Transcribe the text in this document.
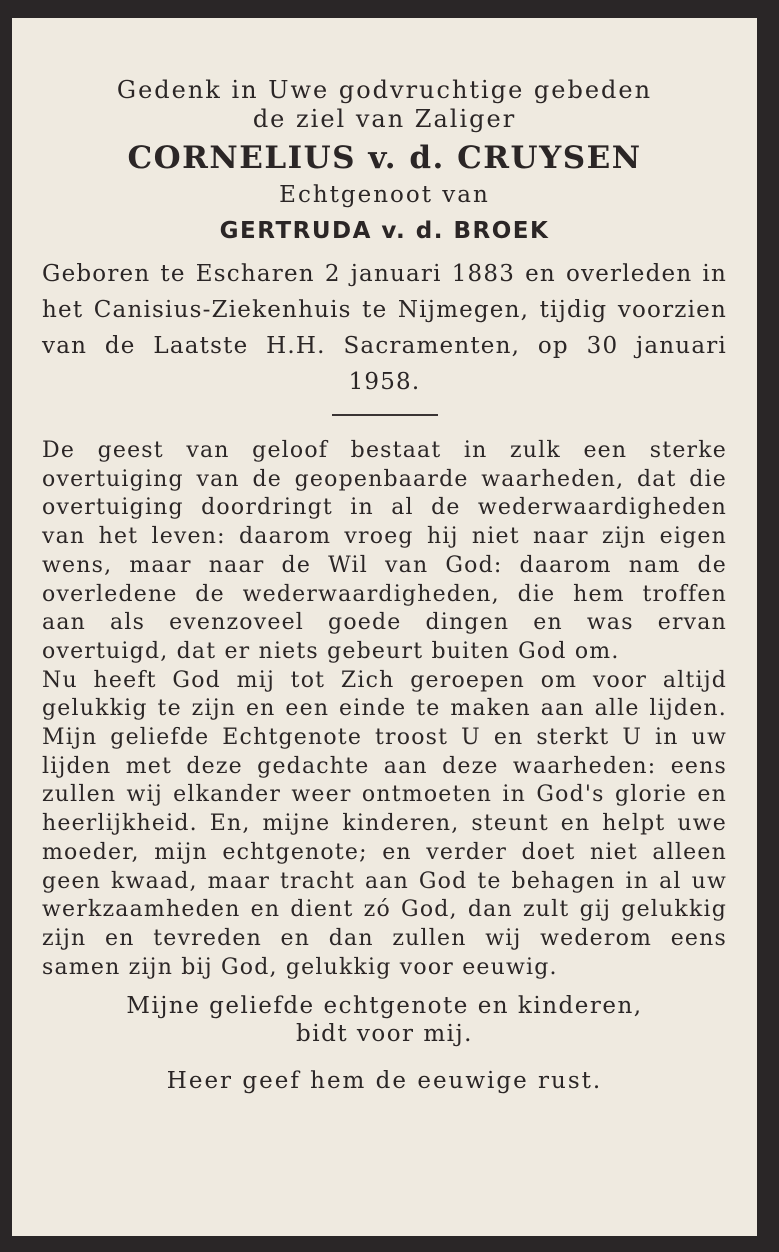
Gedenk in Uwe godvruchtige gebeden
de ziel van Zaliger
CORNELIUS v. d. CRUYSEN
Echtgenoot van
GERTRUDA v. d. BROEK
Geboren te Escharen 2 januari 1883 en overleden in het Canisius-Ziekenhuis te Nijmegen, tijdig voorzien van de Laatste H.H. Sacramenten, op 30 januari 1958.

De geest van geloof bestaat in zulk een sterke overtuiging van de geopenbaarde waarheden, dat die overtuiging doordringt in al de wederwaardigheden van het leven: daarom vroeg hij niet naar zijn eigen wens, maar naar de Wil van God: daarom nam de overledene de wederwaardigheden, die hem troffen aan als evenzoveel goede dingen en was ervan overtuigd, dat er niets gebeurt buiten God om.

Nu heeft God mij tot Zich geroepen om voor altijd gelukkig te zijn en een einde te maken aan alle lijden. Mijn geliefde Echtgenote troost U en sterkt U in uw lijden met deze gedachte aan deze waarheden: eens zullen wij elkander weer ontmoeten in God's glorie en heerlijkheid. En, mijne kinderen, steunt en helpt uwe moeder, mijn echtgenote; en verder doet niet alleen geen kwaad, maar tracht aan God te behagen in al uw werkzaamheden en dient zó God, dan zult gij gelukkig zijn en tevreden en dan zullen wij wederom eens samen zijn bij God, gelukkig voor eeuwig.

Mijne geliefde echtgenote en kinderen,
bidt voor mij.
Heer geef hem de eeuwige rust.
